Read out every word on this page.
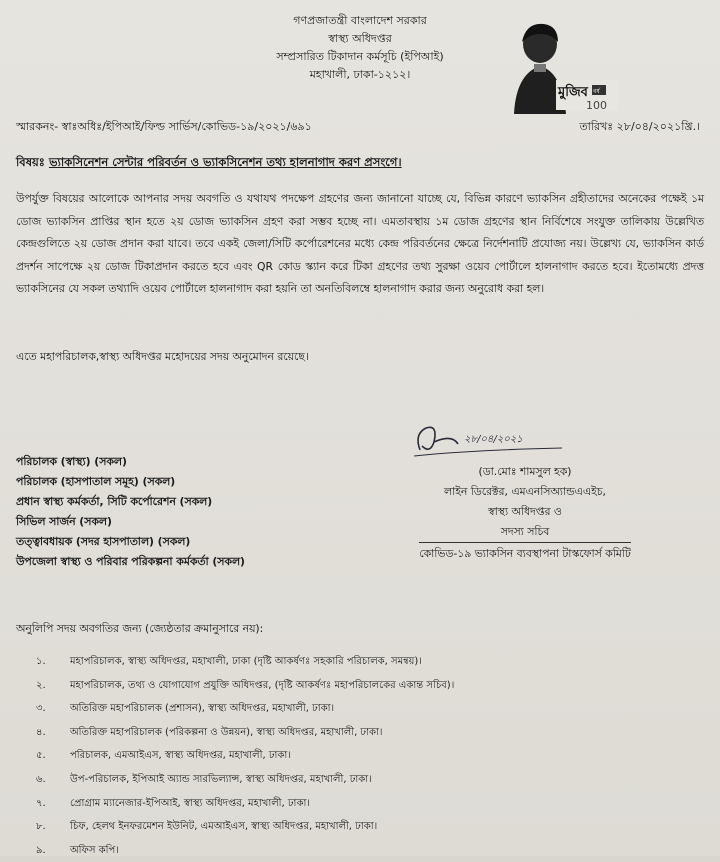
গণপ্রজাতন্ত্রী বাংলাদেশ সরকার
স্বাস্থ্য অধিদপ্তর
সম্প্রসারিত টিকাদান কর্মসূচি (ইপিআই)
মহাখালী, ঢাকা-১২১২।
মুজিব বর্ষ
100
স্মারকনং- স্বাঃঅধিঃ/ইপিআই/ফিল্ড সার্ভিস/কোভিড-১৯/২০২১/৬৯১	তারিখঃ ২৮/০৪/২০২১খ্রি.।
বিষয়ঃ ভ্যাকসিনেশন সেন্টার পরিবর্তন ও ভ্যাকসিনেশন তথ্য হালনাগাদ করণ প্রসংগে।
উপর্যুক্ত বিষয়ের আলোকে আপনার সদয় অবগতি ও যথাযথ পদক্ষেপ গ্রহণের জন্য জানানো যাচ্ছে যে, বিভিন্ন কারণে ভ্যাকসিন গ্রহীতাদের অনেকের পক্ষেই ১ম ডোজ ভ্যাকসিন প্রাপ্তির স্থান হতে ২য় ডোজ ভ্যাকসিন গ্রহণ করা সম্ভব হচ্ছে না। এমতাবস্থায় ১ম ডোজ গ্রহণের স্থান নির্বিশেষে সংযুক্ত তালিকায় উল্লেখিত কেন্দ্রগুলিতে ২য় ডোজ প্রদান করা যাবে। তবে একই জেলা/সিটি কর্পোরেশনের মধ্যে কেন্দ্র পরিবর্তনের ক্ষেত্রে নির্দেশনাটি প্রযোজ্য নয়। উল্লেখ্য যে, ভ্যাকসিন কার্ড প্রদর্শন সাপেক্ষে ২য় ডোজ টিকাপ্রদান করতে হবে এবং QR কোড স্ক্যান করে টিকা গ্রহণের তথ্য সুরক্ষা ওয়েব পোর্টালে হালনাগাদ করতে হবে। ইতোমধ্যে প্রদত্ত ভ্যাকসিনের যে সকল তথ্যাদি ওয়েব পোর্টালে হালনাগাদ করা হয়নি তা অনতিবিলম্বে হালনাগাদ করার জন্য অনুরোধ করা হল।
এতে মহাপরিচালক,স্বাস্থ্য অধিদপ্তর মহোদয়ের সদয় অনুমোদন রয়েছে।
পরিচালক (স্বাস্থ্য) (সকল)
পরিচালক (হাসপাতাল সমূহ) (সকল)
প্রধান স্বাস্থ্য কর্মকর্তা, সিটি কর্পোরেশন (সকল)
সিভিল সার্জন (সকল)
তত্ত্বাবধায়ক (সদর হাসপাতাল) (সকল)
উপজেলা স্বাস্থ্য ও পরিবার পরিকল্পনা কর্মকর্তা (সকল)
২৮/০৪/২০২১
(ডা.মোঃ শামসুল হক)
লাইন ডিরেক্টর, এমএনসিঅ্যান্ডএএইচ,
স্বাস্থ্য অধিদপ্তর ও
সদস্য সচিব
কোভিড-১৯ ভ্যাকসিন ব্যবস্থাপনা টাস্কফোর্স কমিটি
অনুলিপি সদয় অবগতির জন্য (জ্যেষ্ঠতার ক্রমানুসারে নয়):
১. মহাপরিচালক, স্বাস্থ্য অধিদপ্তর, মহাখালী, ঢাকা (দৃষ্টি আকর্ষণঃ সহকারি পরিচালক, সমন্বয়)।
২. মহাপরিচালক, তথ্য ও যোগাযোগ প্রযুক্তি অধিদপ্তর, (দৃষ্টি আকর্ষণঃ মহাপরিচালকের একান্ত সচিব)।
৩. অতিরিক্ত মহাপরিচালক (প্রশাসন), স্বাস্থ্য অধিদপ্তর, মহাখালী, ঢাকা।
৪. অতিরিক্ত মহাপরিচালক (পরিকল্পনা ও উন্নয়ন), স্বাস্থ্য অধিদপ্তর, মহাখালী, ঢাকা।
৫. পরিচালক, এমআইএস, স্বাস্থ্য অধিদপ্তর, মহাখালী, ঢাকা।
৬. উপ-পরিচালক, ইপিআই অ্যান্ড সারভিল্যান্স, স্বাস্থ্য অধিদপ্তর, মহাখালী, ঢাকা।
৭. প্রোগ্রাম ম্যানেজার-ইপিআই, স্বাস্থ্য অধিদপ্তর, মহাখালী, ঢাকা।
৮. চিফ, হেলথ ইনফরমেশন ইউনিট, এমআইএস, স্বাস্থ্য অধিদপ্তর, মহাখালী, ঢাকা।
৯. অফিস কপি।
